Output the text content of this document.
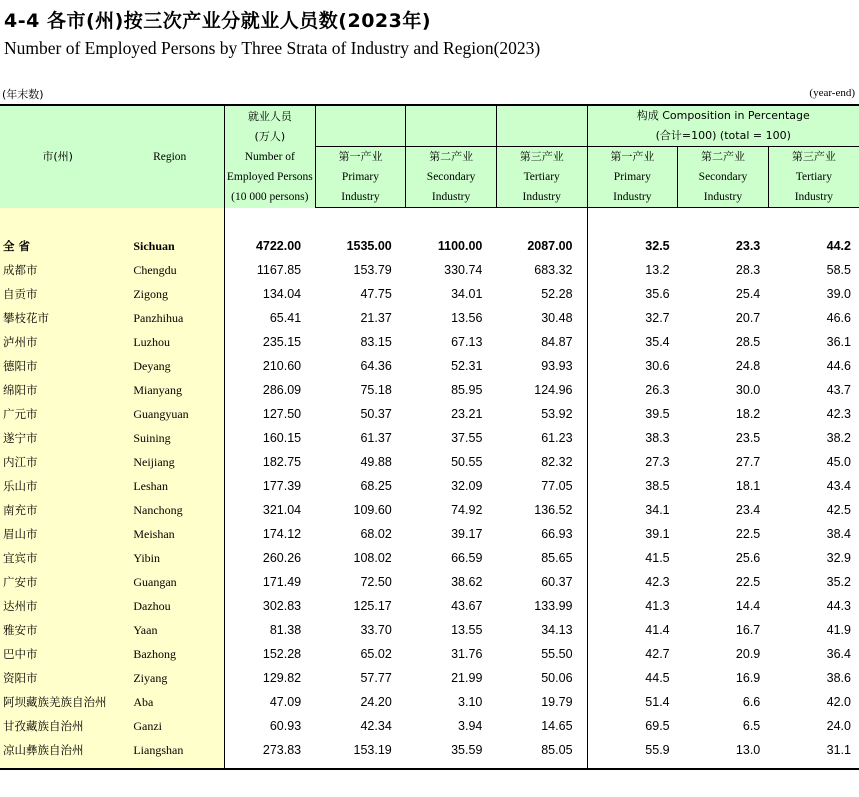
4-4 各市(州)按三次产业分就业人员数(2023年)
Number of Employed Persons by Three Strata of Industry and Region(2023)
(年末数)	(year-end)
市(州)	Region	就业人员
(万人)
Number of
Employed Persons
(10 000 persons)	第一产业
Primary
Industry	第二产业
Secondary
Industry	第三产业
Tertiary
Industry	构成 Composition in Percentage
(合计=100) (total = 100)		

						第一产业
Primary
Industry	第二产业
Secondary
Industry	第三产业
Tertiary
Industry

全 省	Sichuan	4722.00	1535.00	1100.00	2087.00	32.5	23.3	44.2
成都市	Chengdu	1167.85	153.79	330.74	683.32	13.2	28.3	58.5
自贡市	Zigong	134.04	47.75	34.01	52.28	35.6	25.4	39.0
攀枝花市	Panzhihua	65.41	21.37	13.56	30.48	32.7	20.7	46.6
泸州市	Luzhou	235.15	83.15	67.13	84.87	35.4	28.5	36.1
德阳市	Deyang	210.60	64.36	52.31	93.93	30.6	24.8	44.6
绵阳市	Mianyang	286.09	75.18	85.95	124.96	26.3	30.0	43.7
广元市	Guangyuan	127.50	50.37	23.21	53.92	39.5	18.2	42.3
遂宁市	Suining	160.15	61.37	37.55	61.23	38.3	23.5	38.2
内江市	Neijiang	182.75	49.88	50.55	82.32	27.3	27.7	45.0
乐山市	Leshan	177.39	68.25	32.09	77.05	38.5	18.1	43.4
南充市	Nanchong	321.04	109.60	74.92	136.52	34.1	23.4	42.5
眉山市	Meishan	174.12	68.02	39.17	66.93	39.1	22.5	38.4
宜宾市	Yibin	260.26	108.02	66.59	85.65	41.5	25.6	32.9
广安市	Guangan	171.49	72.50	38.62	60.37	42.3	22.5	35.2
达州市	Dazhou	302.83	125.17	43.67	133.99	41.3	14.4	44.3
雅安市	Yaan	81.38	33.70	13.55	34.13	41.4	16.7	41.9
巴中市	Bazhong	152.28	65.02	31.76	55.50	42.7	20.9	36.4
资阳市	Ziyang	129.82	57.77	21.99	50.06	44.5	16.9	38.6
阿坝藏族羌族自治州	Aba	47.09	24.20	3.10	19.79	51.4	6.6	42.0
甘孜藏族自治州	Ganzi	60.93	42.34	3.94	14.65	69.5	6.5	24.0
凉山彝族自治州	Liangshan	273.83	153.19	35.59	85.05	55.9	13.0	31.1
